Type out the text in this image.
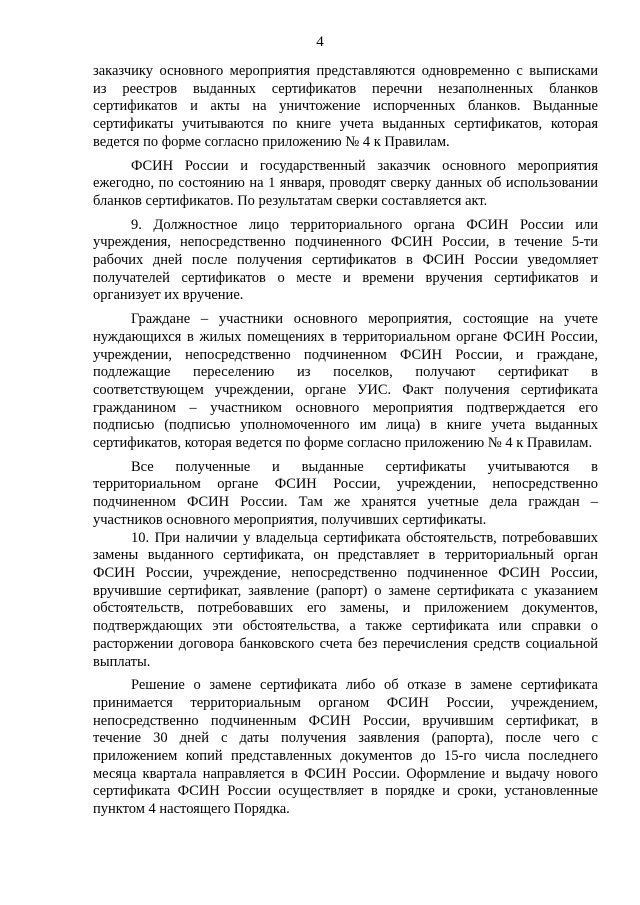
4

заказчику основного мероприятия представляются одновременно с выписками из реестров выданных сертификатов перечни незаполненных бланков сертификатов и акты на уничтожение испорченных бланков. Выданные сертификаты учитываются по книге учета выданных сертификатов, которая ведется по форме согласно приложению № 4 к Правилам.

ФСИН России и государственный заказчик основного мероприятия ежегодно, по состоянию на 1 января, проводят сверку данных об использовании бланков сертификатов. По результатам сверки составляется акт.

9. Должностное лицо территориального органа ФСИН России или учреждения, непосредственно подчиненного ФСИН России, в течение 5-ти рабочих дней после получения сертификатов в ФСИН России уведомляет получателей сертификатов о месте и времени вручения сертификатов и организует их вручение.

Граждане – участники основного мероприятия, состоящие на учете нуждающихся в жилых помещениях в территориальном органе ФСИН России, учреждении, непосредственно подчиненном ФСИН России, и граждане, подлежащие переселению из поселков, получают сертификат в соответствующем учреждении, органе УИС. Факт получения сертификата гражданином – участником основного мероприятия подтверждается его подписью (подписью уполномоченного им лица) в книге учета выданных сертификатов, которая ведется по форме согласно приложению № 4 к Правилам.

Все полученные и выданные сертификаты учитываются в территориальном органе ФСИН России, учреждении, непосредственно подчиненном ФСИН России. Там же хранятся учетные дела граждан – участников основного мероприятия, получивших сертификаты.

10. При наличии у владельца сертификата обстоятельств, потребовавших замены выданного сертификата, он представляет в территориальный орган ФСИН России, учреждение, непосредственно подчиненное ФСИН России, вручившие сертификат, заявление (рапорт) о замене сертификата с указанием обстоятельств, потребовавших его замены, и приложением документов, подтверждающих эти обстоятельства, а также сертификата или справки о расторжении договора банковского счета без перечисления средств социальной выплаты.

Решение о замене сертификата либо об отказе в замене сертификата принимается территориальным органом ФСИН России, учреждением, непосредственно подчиненным ФСИН России, вручившим сертификат, в течение 30 дней с даты получения заявления (рапорта), после чего с приложением копий представленных документов до 15-го числа последнего месяца квартала направляется в ФСИН России. Оформление и выдачу нового сертификата ФСИН России осуществляет в порядке и сроки, установленные пунктом 4 настоящего Порядка.
